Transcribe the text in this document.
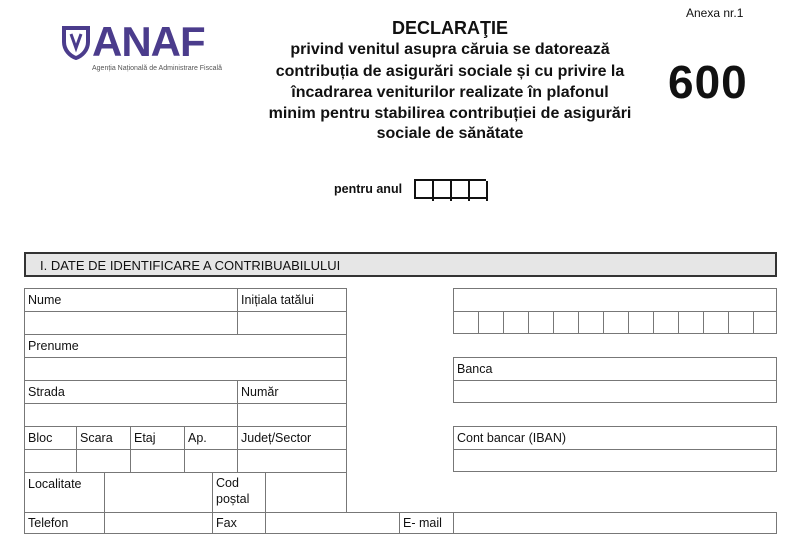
Anexa nr.1
ANAF
Agenția Națională de Administrare Fiscală
DECLARAŢIE
privind venitul asupra căruia se datorează
contribuția de asigurări sociale și cu privire la
încadrarea veniturilor realizate în plafonul
minim pentru stabilirea contribuției de asigurări
sociale de sănătate
600
pentru anul
I. DATE DE IDENTIFICARE A CONTRIBUABILULUI
Nume	Inițiala tatălui
Prenume
Strada	Număr
Bloc Scara Etaj	Ap.	Județ/Sector
Localitate	Cod
poștal
Banca
Cont bancar (IBAN)
Telefon	Fax	E- mail
